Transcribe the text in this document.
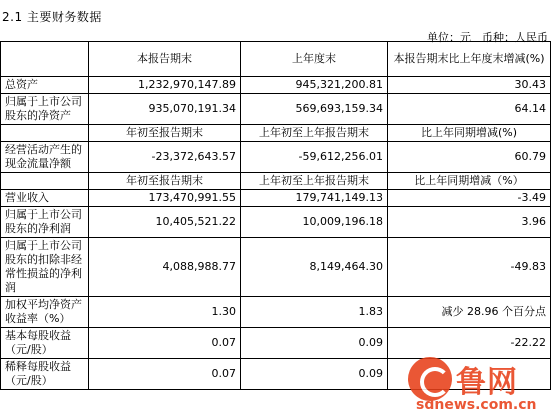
2.1 主要财务数据
单位：元　币种：人民币
	本报告期末	上年度末	本报告期末比上年度末增减(%)
总资产	1,232,970,147.89	945,321,200.81	30.43
归属于上市公司股东的净资产	935,070,191.34	569,693,159.34	64.14
	年初至报告期末	上年初至上年报告期末	比上年同期增减(%)
经营活动产生的现金流量净额	-23,372,643.57	-59,612,256.01	60.79
	年初至报告期末	上年初至上年报告期末	比上年同期增减（%）
营业收入	173,470,991.55	179,741,149.13	-3.49
归属于上市公司股东的净利润	10,405,521.22	10,009,196.18	3.96
归属于上市公司股东的扣除非经常性损益的净利润	4,088,988.77	8,149,464.30	-49.83
加权平均净资产收益率（%）	1.30	1.83	减少 28.96 个百分点
基本每股收益（元/股）	0.07	0.09	-22.22
稀释每股收益（元/股）	0.07	0.09	鲁网
sdnews.com.cn
